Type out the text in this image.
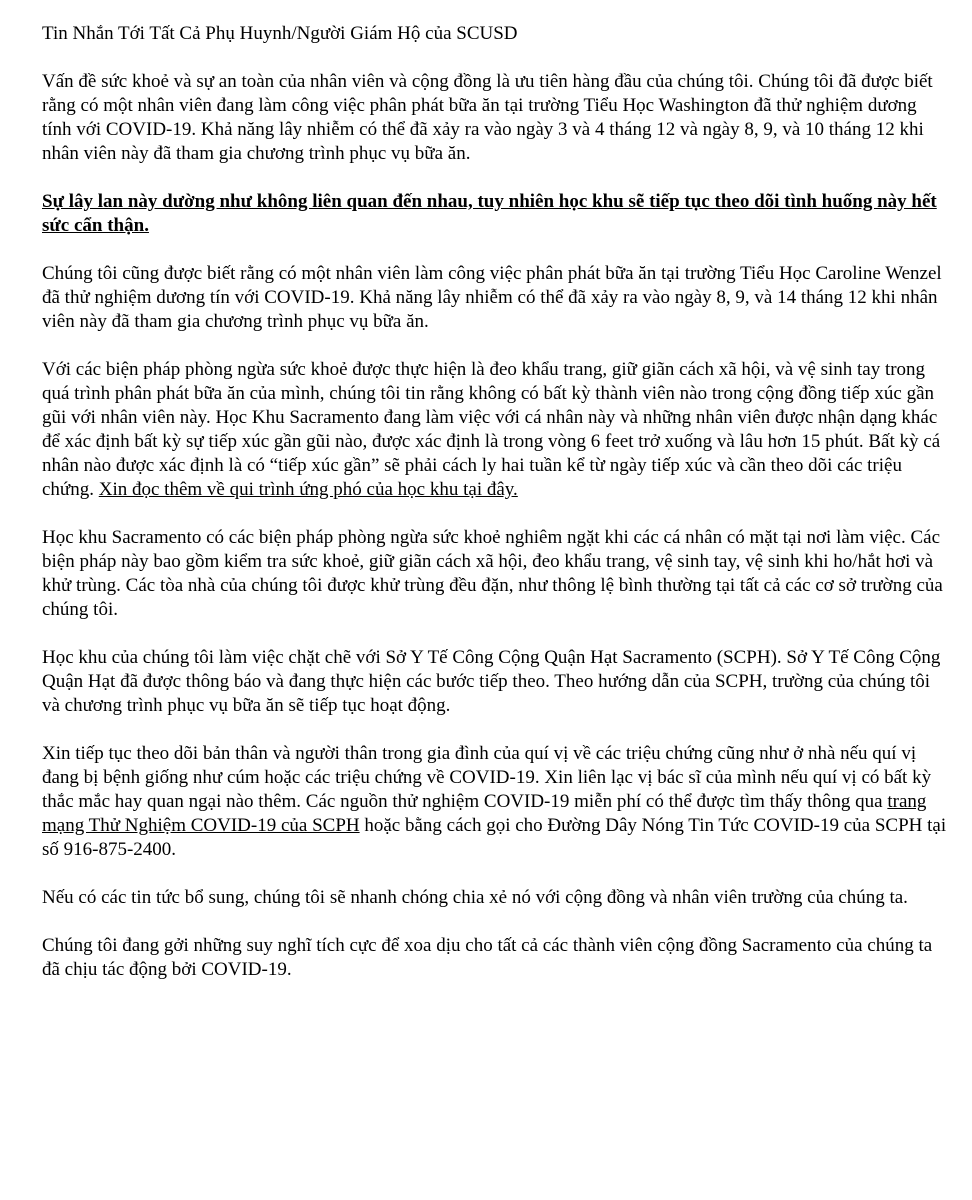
Tin Nhắn Tới Tất Cả Phụ Huynh/Người Giám Hộ của SCUSD

Vấn đề sức khoẻ và sự an toàn của nhân viên và cộng đồng là ưu tiên hàng đầu của chúng tôi. Chúng tôi đã được biết rằng có một nhân viên đang làm công việc phân phát bữa ăn tại trường Tiểu Học Washington đã thử nghiệm dương tính với COVID-19. Khả năng lây nhiễm có thể đã xảy ra vào ngày 3 và 4 tháng 12 và ngày 8, 9, và 10 tháng 12 khi nhân viên này đã tham gia chương trình phục vụ bữa ăn.

Sự lây lan này dường như không liên quan đến nhau, tuy nhiên học khu sẽ tiếp tục theo dõi tình huống này hết sức cẩn thận.

Chúng tôi cũng được biết rằng có một nhân viên làm công việc phân phát bữa ăn tại trường Tiểu Học Caroline Wenzel đã thử nghiệm dương tín với COVID-19. Khả năng lây nhiễm có thể đã xảy ra vào ngày 8, 9, và 14 tháng 12 khi nhân viên này đã tham gia chương trình phục vụ bữa ăn.

Với các biện pháp phòng ngừa sức khoẻ được thực hiện là đeo khẩu trang, giữ giãn cách xã hội, và vệ sinh tay trong quá trình phân phát bữa ăn của mình, chúng tôi tin rằng không có bất kỳ thành viên nào trong cộng đồng tiếp xúc gần gũi với nhân viên này. Học Khu Sacramento đang làm việc với cá nhân này và những nhân viên được nhận dạng khác để xác định bất kỳ sự tiếp xúc gần gũi nào, được xác định là trong vòng 6 feet trở xuống và lâu hơn 15 phút. Bất kỳ cá nhân nào được xác định là có “tiếp xúc gần” sẽ phải cách ly hai tuần kể từ ngày tiếp xúc và cần theo dõi các triệu chứng. Xin đọc thêm về qui trình ứng phó của học khu tại đây.

Học khu Sacramento có các biện pháp phòng ngừa sức khoẻ nghiêm ngặt khi các cá nhân có mặt tại nơi làm việc. Các biện pháp này bao gồm kiểm tra sức khoẻ, giữ giãn cách xã hội, đeo khẩu trang, vệ sinh tay, vệ sinh khi ho/hắt hơi và khử trùng. Các tòa nhà của chúng tôi được khử trùng đều đặn, như thông lệ bình thường tại tất cả các cơ sở trường của chúng tôi.

Học khu của chúng tôi làm việc chặt chẽ với Sở Y Tế Công Cộng Quận Hạt Sacramento (SCPH). Sở Y Tế Công Cộng Quận Hạt đã được thông báo và đang thực hiện các bước tiếp theo. Theo hướng dẫn của SCPH, trường của chúng tôi và chương trình phục vụ bữa ăn sẽ tiếp tục hoạt động.

Xin tiếp tục theo dõi bản thân và người thân trong gia đình của quí vị về các triệu chứng cũng như ở nhà nếu quí vị đang bị bệnh giống như cúm hoặc các triệu chứng về COVID-19. Xin liên lạc vị bác sĩ của mình nếu quí vị có bất kỳ thắc mắc hay quan ngại nào thêm. Các nguồn thử nghiệm COVID-19 miễn phí có thể được tìm thấy thông qua trang mạng Thử Nghiệm COVID-19 của SCPH hoặc bằng cách gọi cho Đường Dây Nóng Tin Tức COVID-19 của SCPH tại số 916-875-2400.

Nếu có các tin tức bổ sung, chúng tôi sẽ nhanh chóng chia xẻ nó với cộng đồng và nhân viên trường của chúng ta.

Chúng tôi đang gởi những suy nghĩ tích cực để xoa dịu cho tất cả các thành viên cộng đồng Sacramento của chúng ta đã chịu tác động bởi COVID-19.
